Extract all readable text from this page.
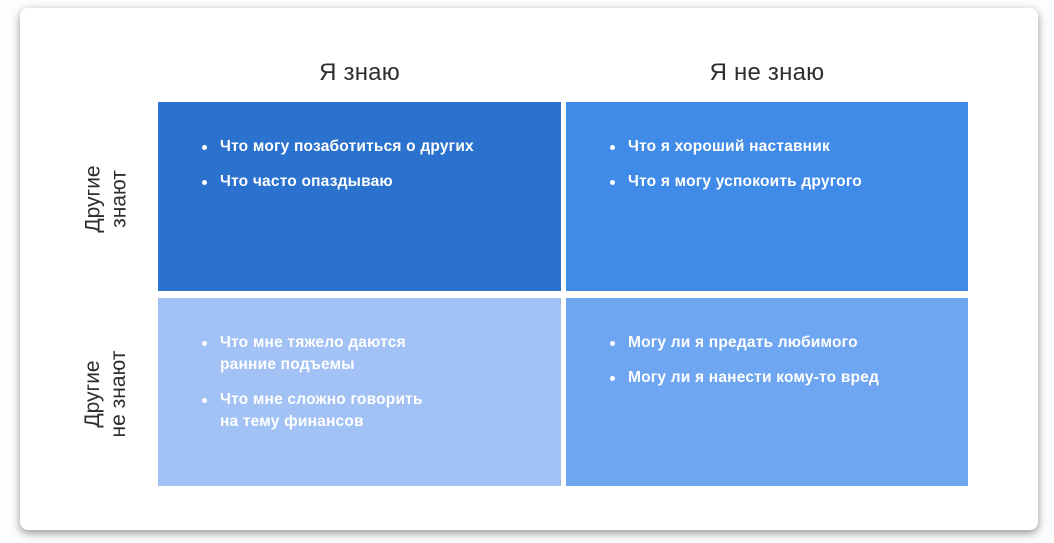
Я знаю	Я не знаю
Другие знают
Другие не знают
Что могу позаботиться о других
Что часто опаздываю
Что я хороший наставник
Что я могу успокоить другого
Что мне тяжело даются
ранние подъемы
Что мне сложно говорить
на тему финансов
Могу ли я предать любимого
Могу ли я нанести кому-то вред
